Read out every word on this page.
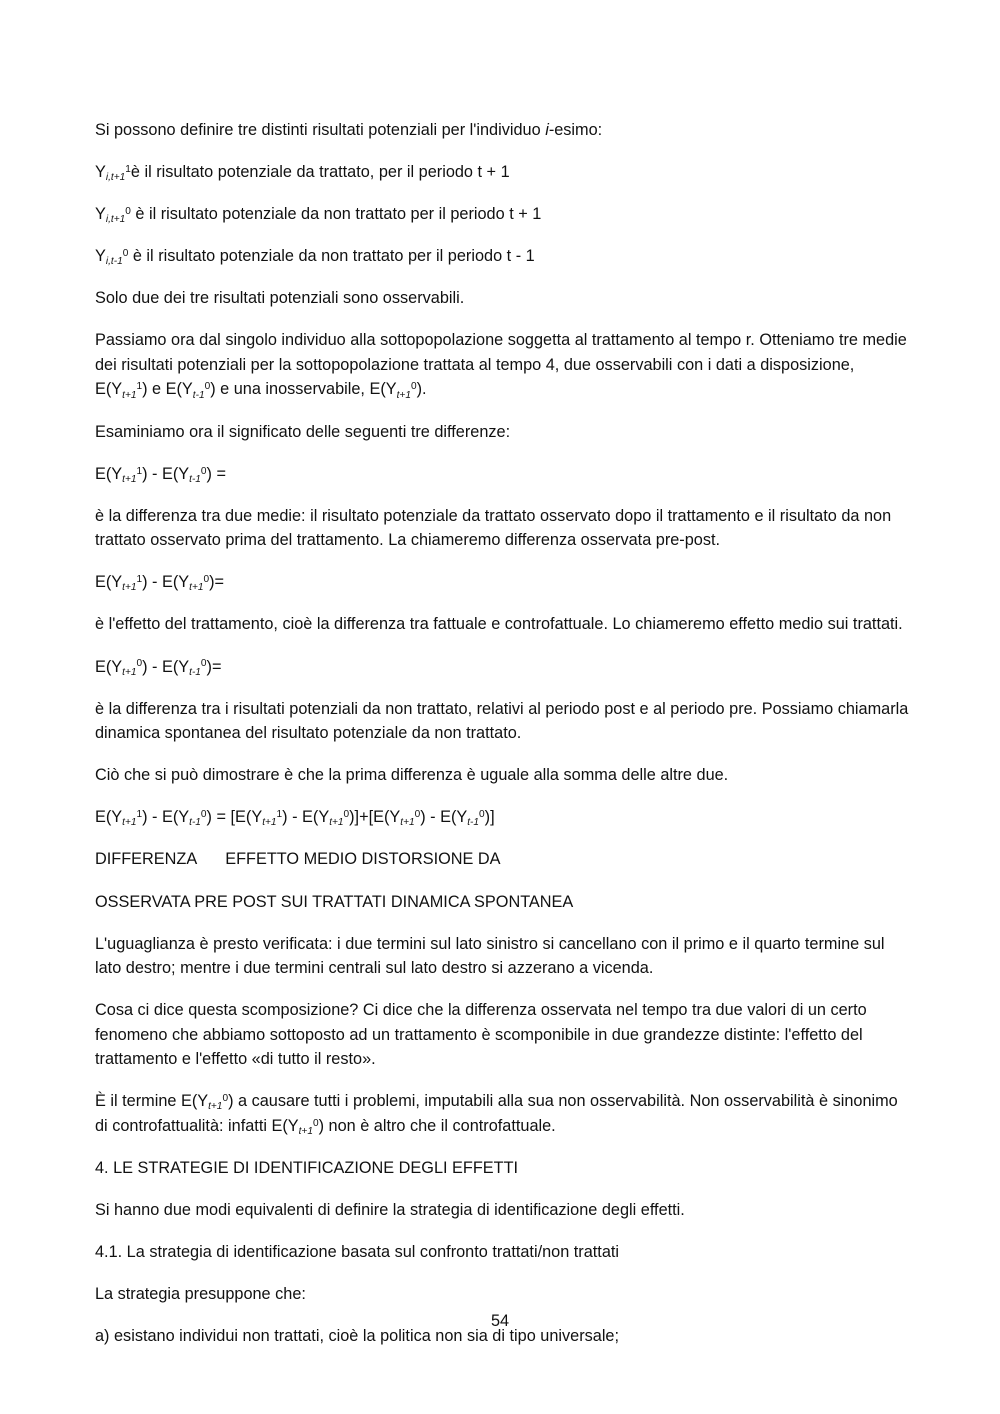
Si possono definire tre distinti risultati potenziali per l'individuo i-esimo:

$Yi,t+1^1è$ il risultato potenziale da trattato, per il periodo t + 1

$Yi,t+1^0$ è il risultato potenziale da non trattato per il periodo t + 1

$Yi,t-1^0$ è il risultato potenziale da non trattato per il periodo t - 1

Solo due dei tre risultati potenziali sono osservabili.

Passiamo ora dal singolo individuo alla sottopopolazione soggetta al trattamento al tempo r. Otteniamo tre medie dei risultati potenziali per la sottopopolazione trattata al tempo 4, due osservabili con i dati a disposizione, $E(Yt+1^1)$ e $E(Yt-1^0)$ e una inosservabile, $E(Yt+1^0)$.

Esaminiamo ora il significato delle seguenti tre differenze:

$E(Yt+1^1) - E(Yt-1^0)$ =

è la differenza tra due medie: il risultato potenziale da trattato osservato dopo il trattamento e il risultato da non trattato osservato prima del trattamento. La chiameremo differenza osservata pre-post.

$E(Yt+1^1) - E(Yt+1^0)=$

è l'effetto del trattamento, cioè la differenza tra fattuale e controfattuale. Lo chiameremo effetto medio sui trattati.

$E(Yt+1^0) - E(Yt-1^0)=$

è la differenza tra i risultati potenziali da non trattato, relativi al periodo post e al periodo pre. Possiamo chiamarla dinamica spontanea del risultato potenziale da non trattato.

Ciò che si può dimostrare è che la prima differenza è uguale alla somma delle altre due.

$E(Yt+1^1) - E(Yt-1^0) = [E(Yt+1^1) - E(Yt+1^0)]+[E(Yt+1^0) - E(Yt-1^0)]$

DIFFERENZA EFFETTO MEDIO DISTORSIONE DA

OSSERVATA PRE POST SUI TRATTATI DINAMICA SPONTANEA

L'uguaglianza è presto verificata: i due termini sul lato sinistro si cancellano con il primo e il quarto termine sul lato destro; mentre i due termini centrali sul lato destro si azzerano a vicenda.

Cosa ci dice questa scomposizione? Ci dice che la differenza osservata nel tempo tra due valori di un certo fenomeno che abbiamo sottoposto ad un trattamento è scomponibile in due grandezze distinte: l'effetto del trattamento e l'effetto «di tutto il resto».

È il termine $E(Yt+1^0)$ a causare tutti i problemi, imputabili alla sua non osservabilità. Non osservabilità è sinonimo di controfattualità: infatti $E(Yt+1^0)$ non è altro che il controfattuale.

4. LE STRATEGIE DI IDENTIFICAZIONE DEGLI EFFETTI

Si hanno due modi equivalenti di definire la strategia di identificazione degli effetti.

4.1. La strategia di identificazione basata sul confronto trattati/non trattati

La strategia presuppone che:

a) esistano individui non trattati, cioè la politica non sia di tipo universale;

54
